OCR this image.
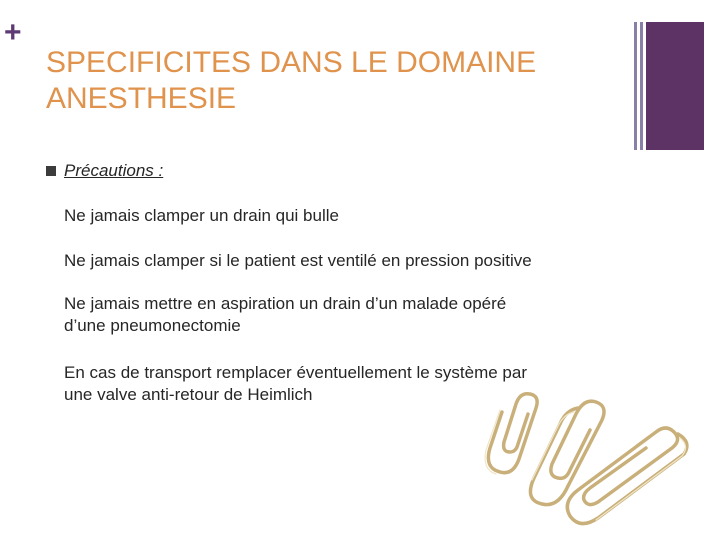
+
SPECIFICITES DANS LE DOMAINE
ANESTHESIE
Précautions :
Ne jamais clamper un drain qui bulle
Ne jamais clamper si le patient est ventilé en pression positive
Ne jamais mettre en aspiration un drain d’un malade opéré
d’une pneumonectomie
En cas de transport remplacer éventuellement le système par
une valve anti-retour de Heimlich
